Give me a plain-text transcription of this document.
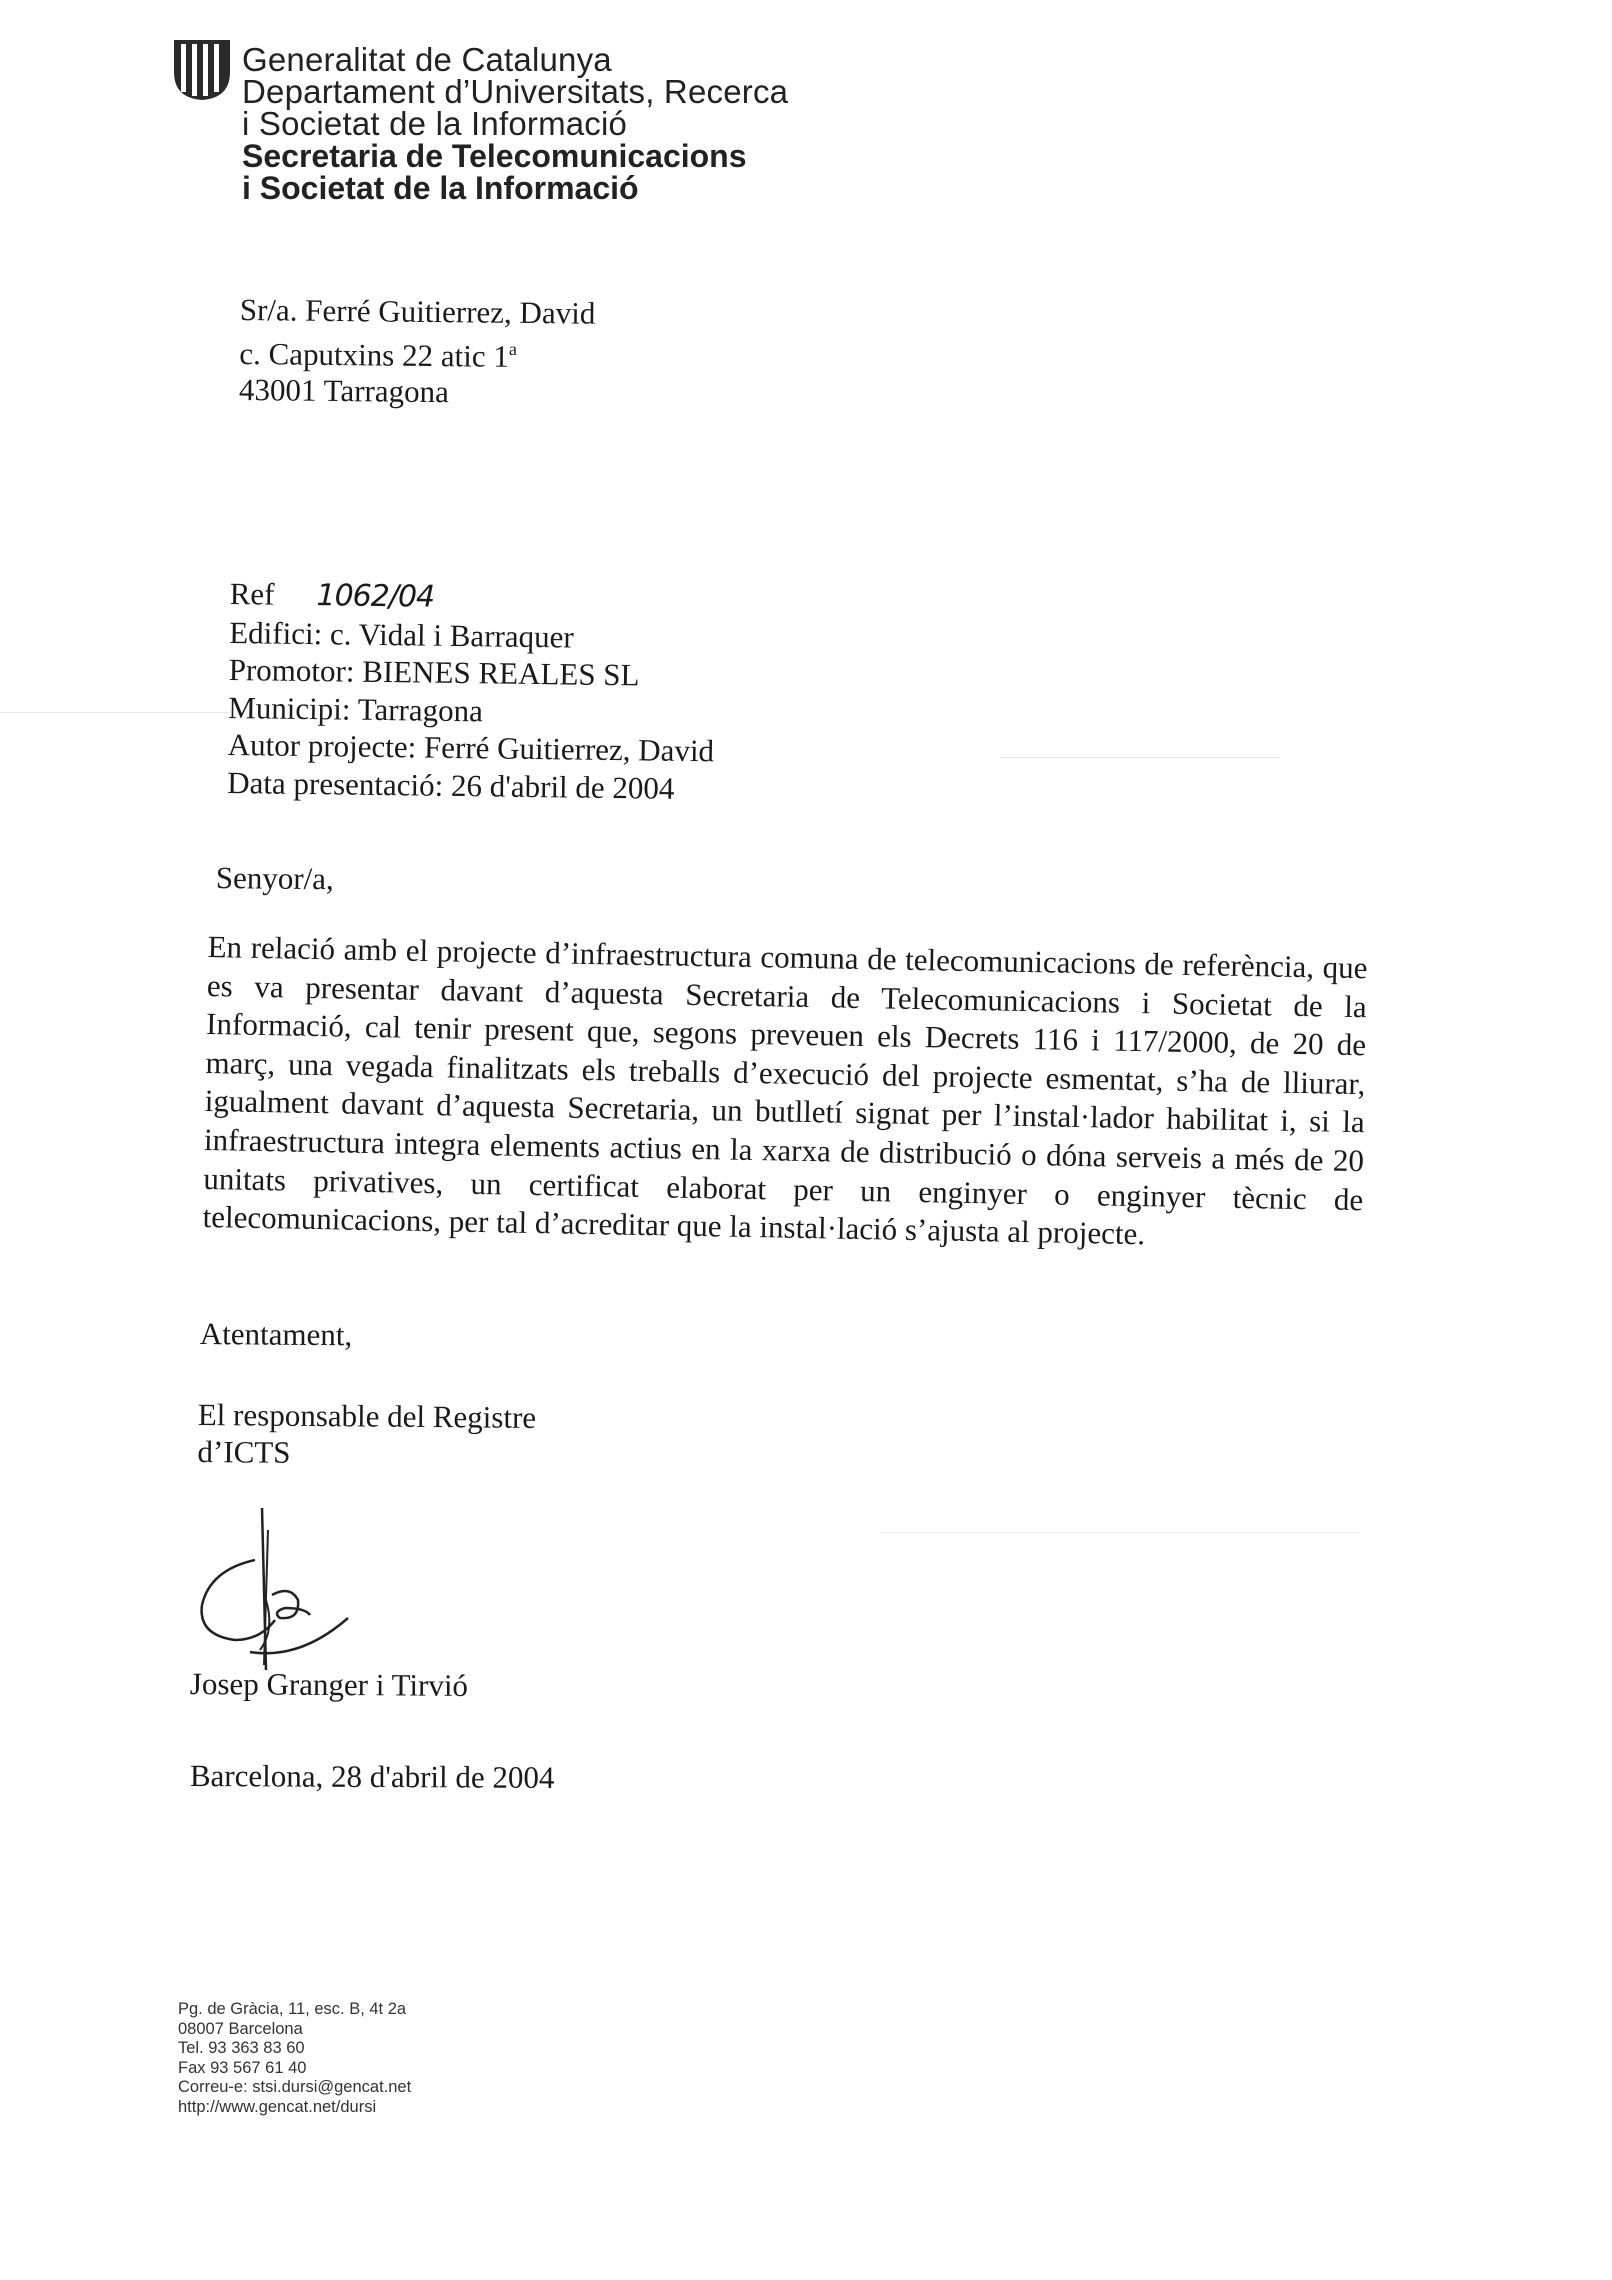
Generalitat de Catalunya
Departament d’Universitats, Recerca
i Societat de la Informació
Secretaria de Telecomunicacions
i Societat de la Informació
Sr/a. Ferré Guitierrez, David
c. Caputxins 22 atic 1$^a$
43001 Tarragona
Ref 1062/04
Edifici: c. Vidal i Barraquer
Promotor: BIENES REALES SL
Municipi: Tarragona
Autor projecte: Ferré Guitierrez, David
Data presentació: 26 d'abril de 2004
Senyor/a,
En relació amb el projecte d’infraestructura comuna de telecomunicacions de referència, que es va presentar davant d’aquesta Secretaria de Telecomunicacions i Societat de la Informació, cal tenir present que, segons preveuen els Decrets 116 i 117/2000, de 20 de març, una vegada finalitzats els treballs d’execució del projecte esmentat, s’ha de lliurar, igualment davant d’aquesta Secretaria, un butlletí signat per l’instal·lador habilitat i, si la infraestructura integra elements actius en la xarxa de distribució o dóna serveis a més de 20 unitats privatives, un certificat elaborat per un enginyer o enginyer tècnic de telecomunicacions, per tal d’acreditar que la instal·lació s’ajusta al projecte.
Atentament,
El responsable del Registre
d’ICTS
Josep Granger i Tirvió
Barcelona, 28 d'abril de 2004
Pg. de Gràcia, 11, esc. B, 4t 2a
08007 Barcelona
Tel. 93 363 83 60
Fax 93 567 61 40
Correu-e: stsi.dursi@gencat.net
http://www.gencat.net/dursi
